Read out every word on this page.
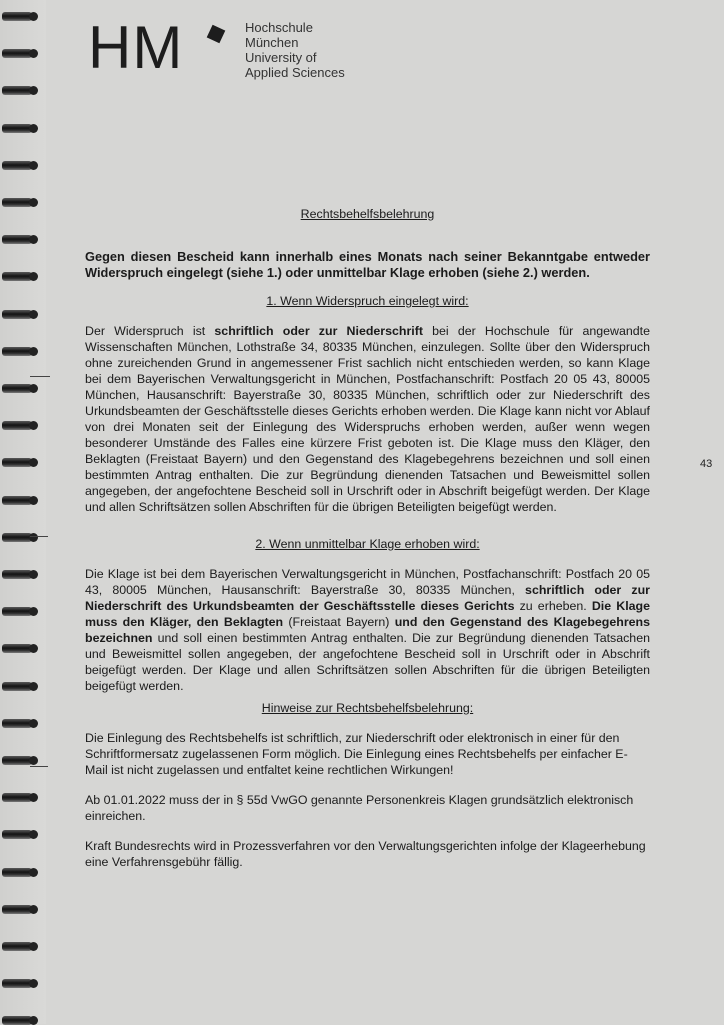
HM	Hochschule
München
University of
Applied Sciences
Rechtsbehelfsbelehrung
Gegen diesen Bescheid kann innerhalb eines Monats nach seiner Bekanntgabe entweder Widerspruch eingelegt (siehe 1.) oder unmittelbar Klage erhoben (siehe 2.) werden.
1. Wenn Widerspruch eingelegt wird:
Der Widerspruch ist schriftlich oder zur Niederschrift bei der Hochschule für angewandte Wissenschaften München, Lothstraße 34, 80335 München, einzulegen. Sollte über den Widerspruch ohne zureichenden Grund in angemessener Frist sachlich nicht entschieden werden, so kann Klage bei dem Bayerischen Verwaltungsgericht in München, Postfachanschrift: Postfach 20 05 43, 80005 München, Hausanschrift: Bayerstraße 30, 80335 München, schriftlich oder zur Niederschrift des Urkundsbeamten der Geschäftsstelle dieses Gerichts erhoben werden. Die Klage kann nicht vor Ablauf von drei Monaten seit der Einlegung des Widerspruchs erhoben werden, außer wenn wegen besonderer Umstände des Falles eine kürzere Frist geboten ist. Die Klage muss den Kläger, den Beklagten (Freistaat Bayern) und den Gegenstand des Klagebegehrens bezeichnen und soll einen bestimmten Antrag enthalten. Die zur Begründung dienenden Tatsachen und Beweismittel sollen angegeben, der angefochtene Bescheid soll in Urschrift oder in Abschrift beigefügt werden. Der Klage und allen Schriftsätzen sollen Abschriften für die übrigen Beteiligten beigefügt werden.
2. Wenn unmittelbar Klage erhoben wird:
Die Klage ist bei dem Bayerischen Verwaltungsgericht in München, Postfachanschrift: Postfach 20 05 43, 80005 München, Hausanschrift: Bayerstraße 30, 80335 München, schriftlich oder zur Niederschrift des Urkundsbeamten der Geschäftsstelle dieses Gerichts zu erheben. Die Klage muss den Kläger, den Beklagten (Freistaat Bayern) und den Gegenstand des Klagebegehrens bezeichnen und soll einen bestimmten Antrag enthalten. Die zur Begründung dienenden Tatsachen und Beweismittel sollen angegeben, der angefochtene Bescheid soll in Urschrift oder in Abschrift beigefügt werden. Der Klage und allen Schriftsätzen sollen Abschriften für die übrigen Beteiligten beigefügt werden.
Hinweise zur Rechtsbehelfsbelehrung:
Die Einlegung des Rechtsbehelfs ist schriftlich, zur Niederschrift oder elektronisch in einer für den Schriftformersatz zugelassenen Form möglich. Die Einlegung eines Rechtsbehelfs per einfacher E-Mail ist nicht zugelassen und entfaltet keine rechtlichen Wirkungen!
Ab 01.01.2022 muss der in § 55d VwGO genannte Personenkreis Klagen grundsätzlich elektronisch einreichen.
Kraft Bundesrechts wird in Prozessverfahren vor den Verwaltungsgerichten infolge der Klageerhebung eine Verfahrensgebühr fällig.
43
